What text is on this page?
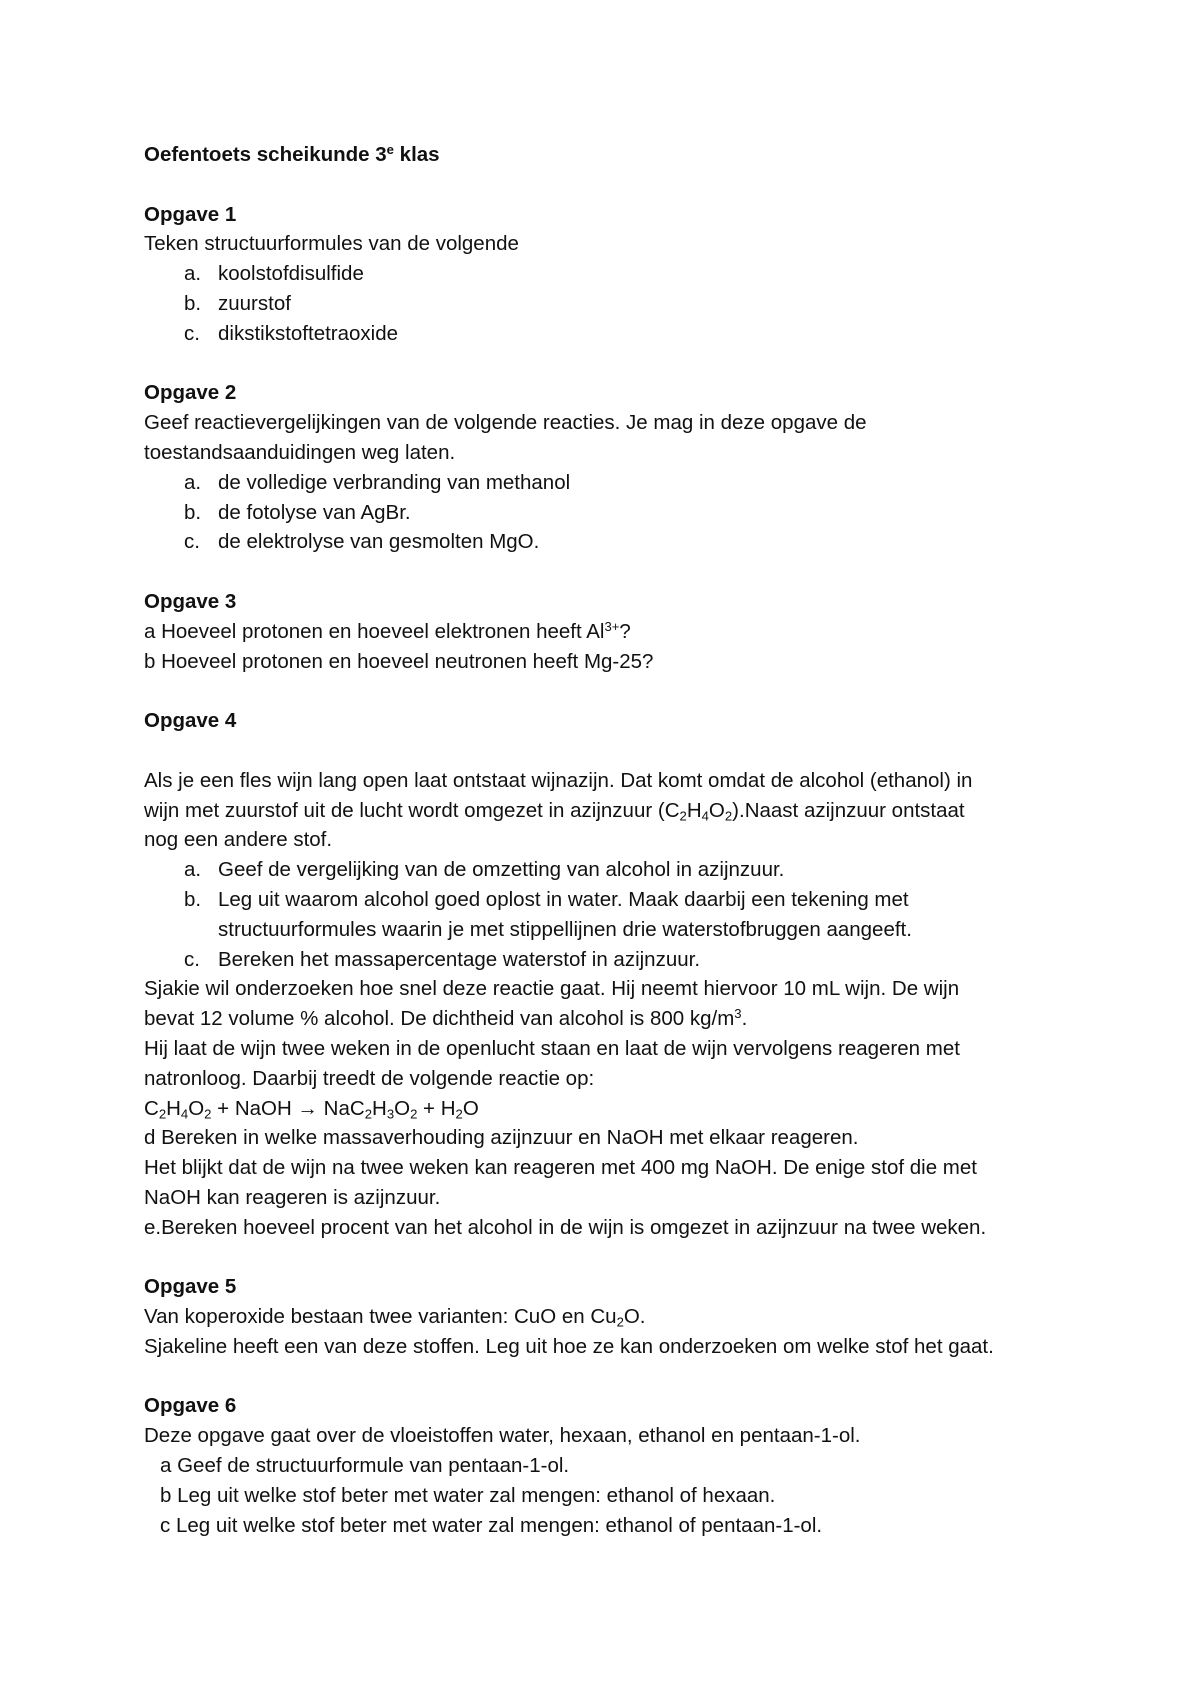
Oefentoets scheikunde 3e klas
Opgave 1
Teken structuurformules van de volgende
a. koolstofdisulfide
b. zuurstof
c. dikstikstoftetraoxide
Opgave 2
Geef reactievergelijkingen van de volgende reacties. Je mag in deze opgave de
toestandsaanduidingen weg laten.
a. de volledige verbranding van methanol
b. de fotolyse van AgBr.
c. de elektrolyse van gesmolten MgO.
Opgave 3
a Hoeveel protonen en hoeveel elektronen heeft $Al^{3+}$?
b Hoeveel protonen en hoeveel neutronen heeft Mg-25?
Opgave 4
Als je een fles wijn lang open laat ontstaat wijnazijn. Dat komt omdat de alcohol (ethanol) in
wijn met zuurstof uit de lucht wordt omgezet in azijnzuur $(C_2H_4O_2).Naast$ azijnzuur ontstaat
nog een andere stof.
a. Geef de vergelijking van de omzetting van alcohol in azijnzuur.
b. Leg uit waarom alcohol goed oplost in water. Maak daarbij een tekening met
structuurformules waarin je met stippellijnen drie waterstofbruggen aangeeft.
c. Bereken het massapercentage waterstof in azijnzuur.
Sjakie wil onderzoeken hoe snel deze reactie gaat. Hij neemt hiervoor 10 mL wijn. De wijn
bevat 12 volume % alcohol. De dichtheid van alcohol is 800 $kg/m^3$.
Hij laat de wijn twee weken in de openlucht staan en laat de wijn vervolgens reageren met
natronloog. Daarbij treedt de volgende reactie op:
$C_2H_4O_2$ + NaOH → $NaC_2H_3O_2 + H_2O$
d Bereken in welke massaverhouding azijnzuur en NaOH met elkaar reageren.
Het blijkt dat de wijn na twee weken kan reageren met 400 mg NaOH. De enige stof die met
NaOH kan reageren is azijnzuur.
e.Bereken hoeveel procent van het alcohol in de wijn is omgezet in azijnzuur na twee weken.
Opgave 5
Van koperoxide bestaan twee varianten: CuO en $Cu_2O$.
Sjakeline heeft een van deze stoffen. Leg uit hoe ze kan onderzoeken om welke stof het gaat.
Opgave 6
Deze opgave gaat over de vloeistoffen water, hexaan, ethanol en pentaan-1-ol.
a Geef de structuurformule van pentaan-1-ol.
b Leg uit welke stof beter met water zal mengen: ethanol of hexaan.
c Leg uit welke stof beter met water zal mengen: ethanol of pentaan-1-ol.
